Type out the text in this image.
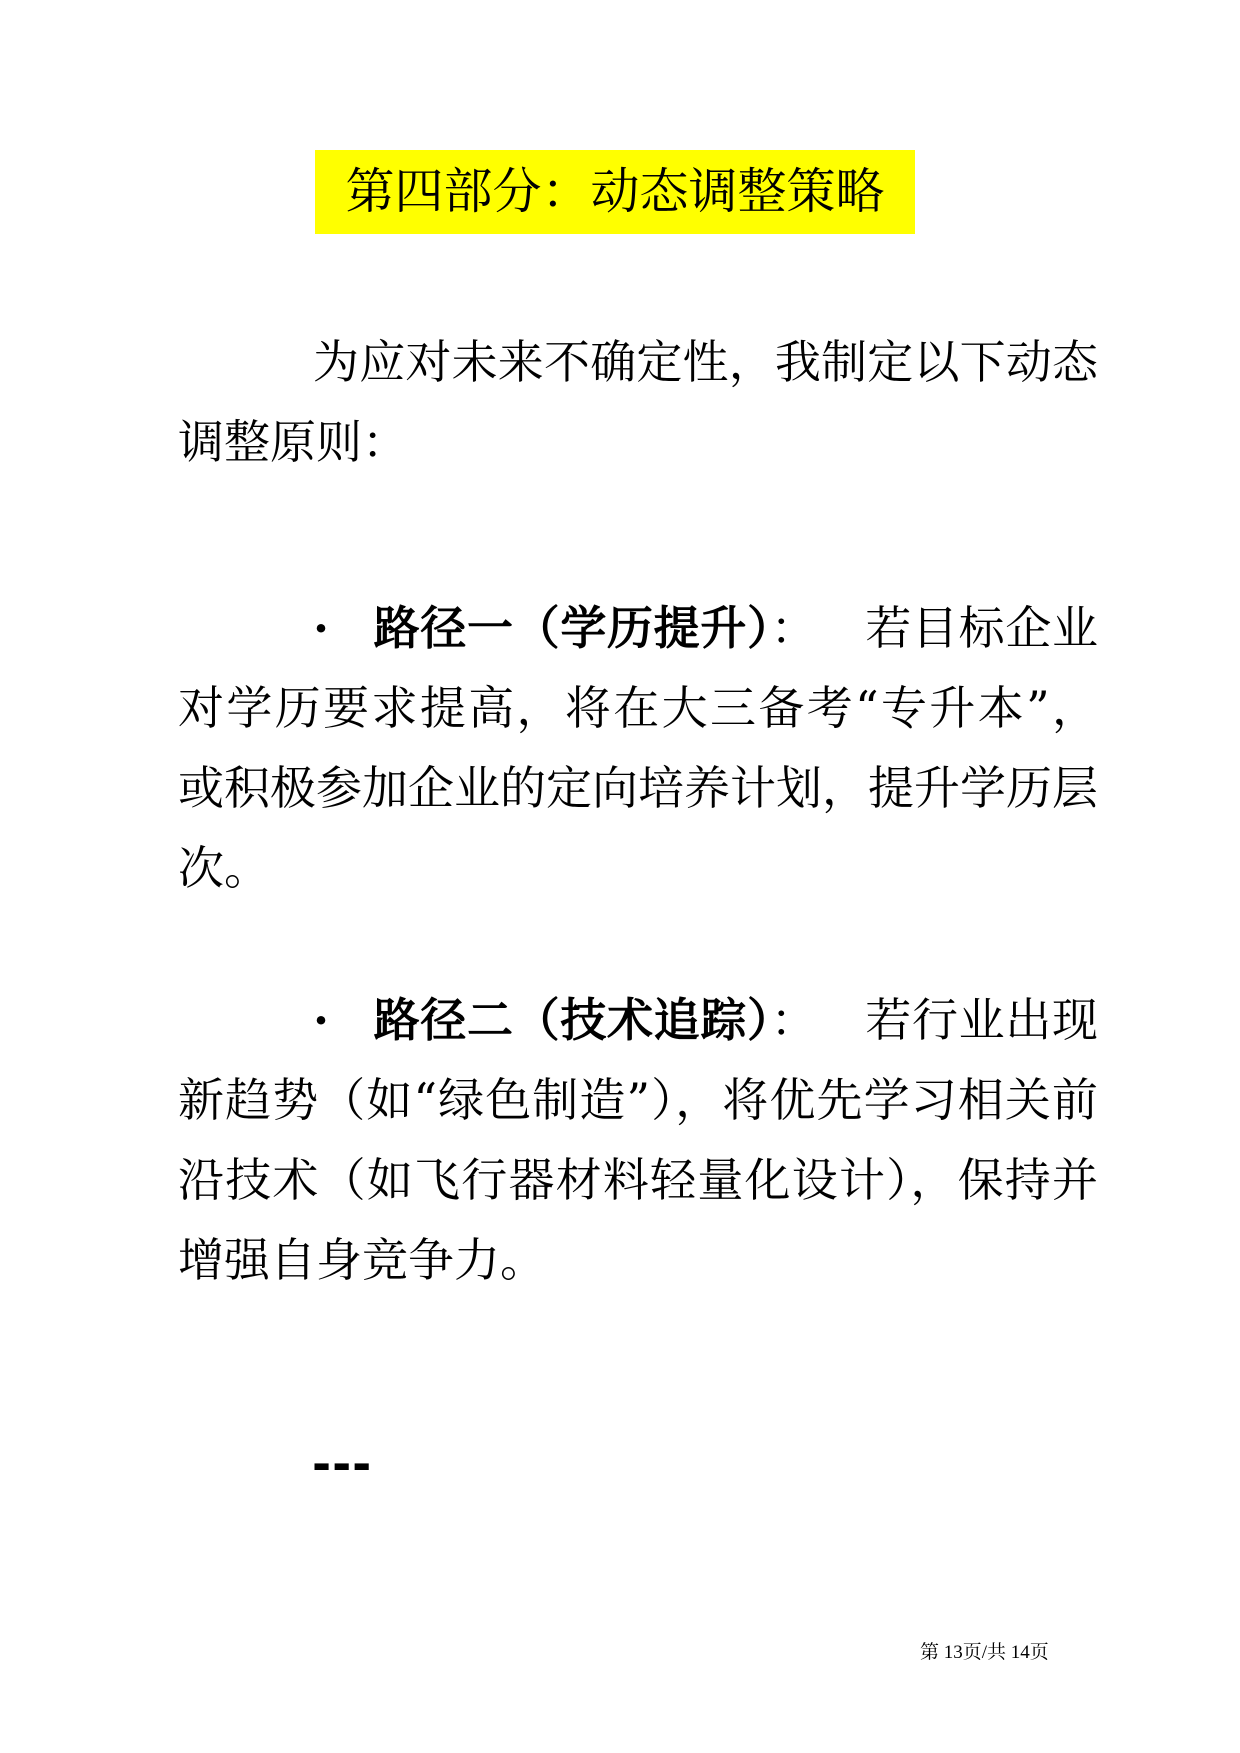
第四部分：动态调整策略

为应对未来不确定性，我制定以下动态调整原则：

· 路径一（学历提升）： 若目标企业对学历要求提高，将在大三备考“专升本”，或积极参加企业的定向培养计划，提升学历层次。

· 路径二（技术追踪）： 若行业出现新趋势（如“绿色制造”），将优先学习相关前沿技术（如飞行器材料轻量化设计），保持并增强自身竞争力。

---
第 13页/共 14页
